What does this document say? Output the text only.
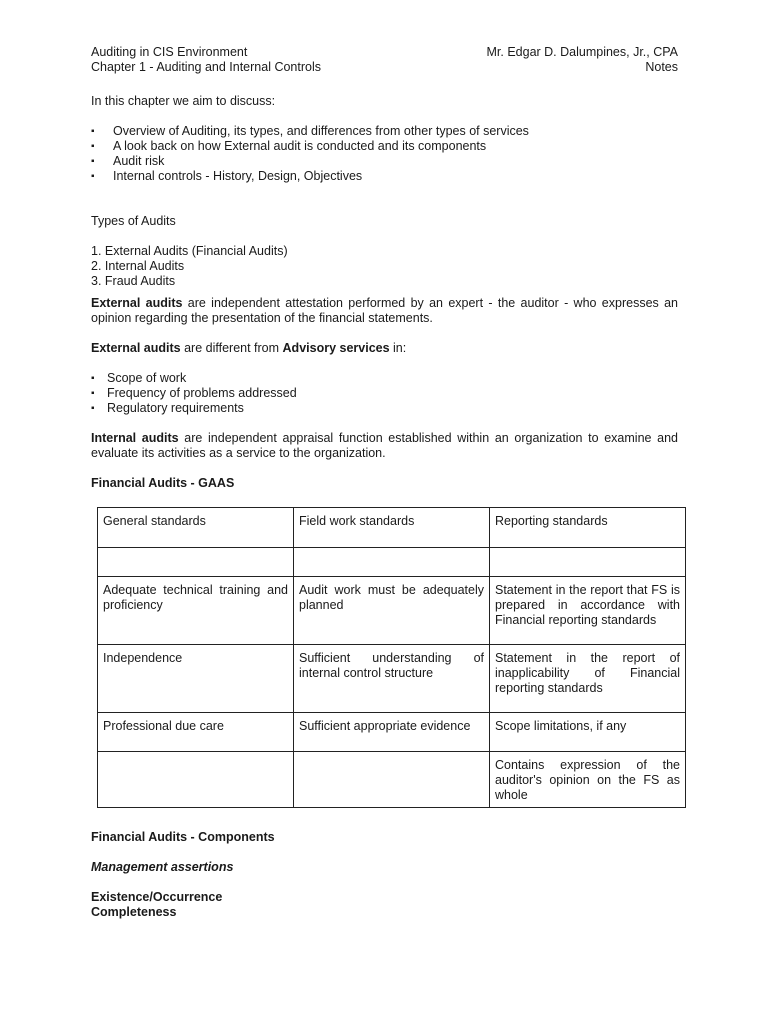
Auditing in CIS Environment	Mr. Edgar D. Dalumpines, Jr., CPA
Chapter 1 - Auditing and Internal Controls	Notes

In this chapter we aim to discuss:

▪ Overview of Auditing, its types, and differences from other types of services
▪ A look back on how External audit is conducted and its components
▪ Audit risk
▪ Internal controls - History, Design, Objectives

Types of Audits

1. External Audits (Financial Audits)
2. Internal Audits
3. Fraud Audits

External audits are independent attestation performed by an expert - the auditor - who expresses an opinion regarding the presentation of the financial statements.

External audits are different from Advisory services in:

▪ Scope of work
▪ Frequency of problems addressed
▪ Regulatory requirements

Internal audits are independent appraisal function established within an organization to examine and evaluate its activities as a service to the organization.

Financial Audits - GAAS

General standards	Field work standards	Reporting standards

Adequate technical training and proficiency	Audit work must be adequately planned	Statement in the report that FS is prepared in accordance with Financial reporting standards
Independence	Sufficient understanding of internal control structure	Statement in the report of inapplicability of Financial reporting standards
Professional due care	Sufficient appropriate evidence	Scope limitations, if any
		Contains expression of the auditor's opinion on the FS as whole

Financial Audits - Components

Management assertions

Existence/Occurrence

Completeness
